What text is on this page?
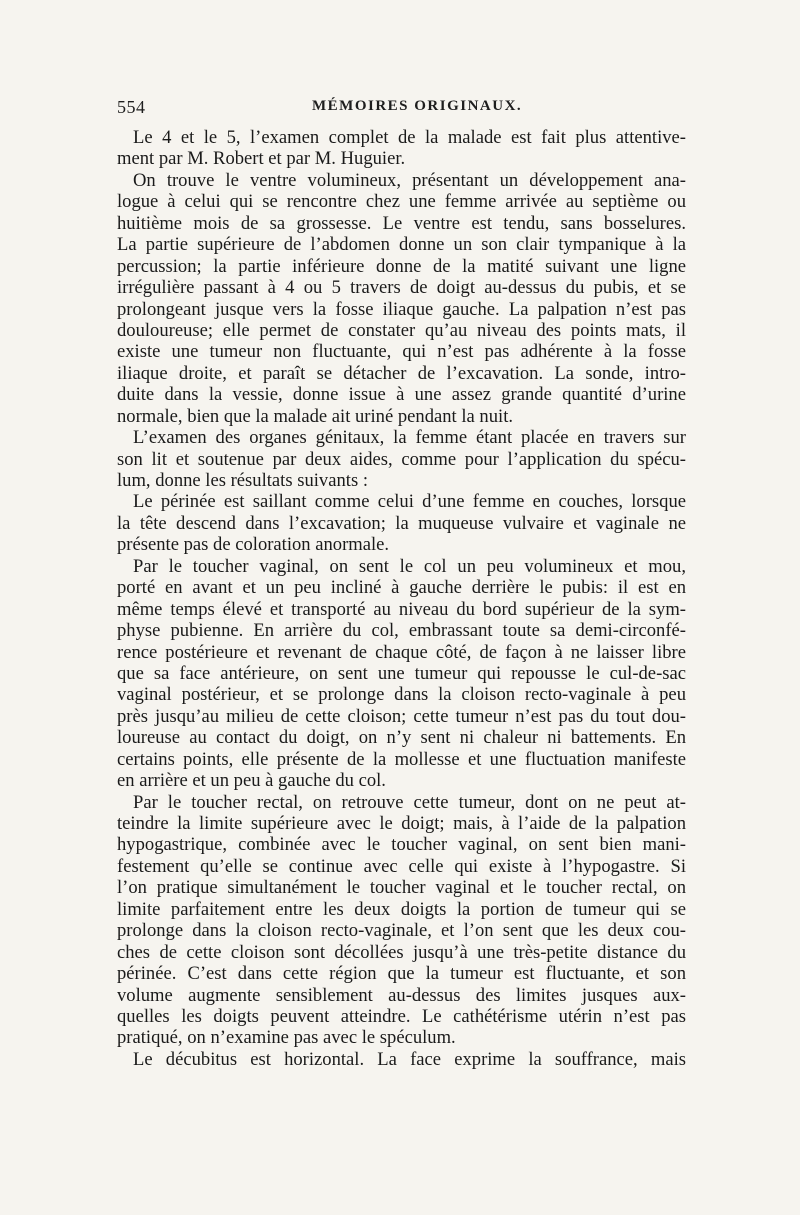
554	MÉMOIRES ORIGINAUX.
Le 4 et le 5, l’examen complet de la malade est fait plus attentive-
ment par M. Robert et par M. Huguier.
On trouve le ventre volumineux, présentant un développement ana-
logue à celui qui se rencontre chez une femme arrivée au septième ou
huitième mois de sa grossesse. Le ventre est tendu, sans bosselures.
La partie supérieure de l’abdomen donne un son clair tympanique à la
percussion; la partie inférieure donne de la matité suivant une ligne
irrégulière passant à 4 ou 5 travers de doigt au-dessus du pubis, et se
prolongeant jusque vers la fosse iliaque gauche. La palpation n’est pas
douloureuse; elle permet de constater qu’au niveau des points mats, il
existe une tumeur non fluctuante, qui n’est pas adhérente à la fosse
iliaque droite, et paraît se détacher de l’excavation. La sonde, intro-
duite dans la vessie, donne issue à une assez grande quantité d’urine
normale, bien que la malade ait uriné pendant la nuit.
L’examen des organes génitaux, la femme étant placée en travers sur
son lit et soutenue par deux aides, comme pour l’application du spécu-
lum, donne les résultats suivants :
Le périnée est saillant comme celui d’une femme en couches, lorsque
la tête descend dans l’excavation; la muqueuse vulvaire et vaginale ne
présente pas de coloration anormale.
Par le toucher vaginal, on sent le col un peu volumineux et mou,
porté en avant et un peu incliné à gauche derrière le pubis: il est en
même temps élevé et transporté au niveau du bord supérieur de la sym-
physe pubienne. En arrière du col, embrassant toute sa demi-circonfé-
rence postérieure et revenant de chaque côté, de façon à ne laisser libre
que sa face antérieure, on sent une tumeur qui repousse le cul-de-sac
vaginal postérieur, et se prolonge dans la cloison recto-vaginale à peu
près jusqu’au milieu de cette cloison; cette tumeur n’est pas du tout dou-
loureuse au contact du doigt, on n’y sent ni chaleur ni battements. En
certains points, elle présente de la mollesse et une fluctuation manifeste
en arrière et un peu à gauche du col.
Par le toucher rectal, on retrouve cette tumeur, dont on ne peut at-
teindre la limite supérieure avec le doigt; mais, à l’aide de la palpation
hypogastrique, combinée avec le toucher vaginal, on sent bien mani-
festement qu’elle se continue avec celle qui existe à l’hypogastre. Si
l’on pratique simultanément le toucher vaginal et le toucher rectal, on
limite parfaitement entre les deux doigts la portion de tumeur qui se
prolonge dans la cloison recto-vaginale, et l’on sent que les deux cou-
ches de cette cloison sont décollées jusqu’à une très-petite distance du
périnée. C’est dans cette région que la tumeur est fluctuante, et son
volume augmente sensiblement au-dessus des limites jusques aux-
quelles les doigts peuvent atteindre. Le cathétérisme utérin n’est pas
pratiqué, on n’examine pas avec le spéculum.
Le décubitus est horizontal. La face exprime la souffrance, mais
